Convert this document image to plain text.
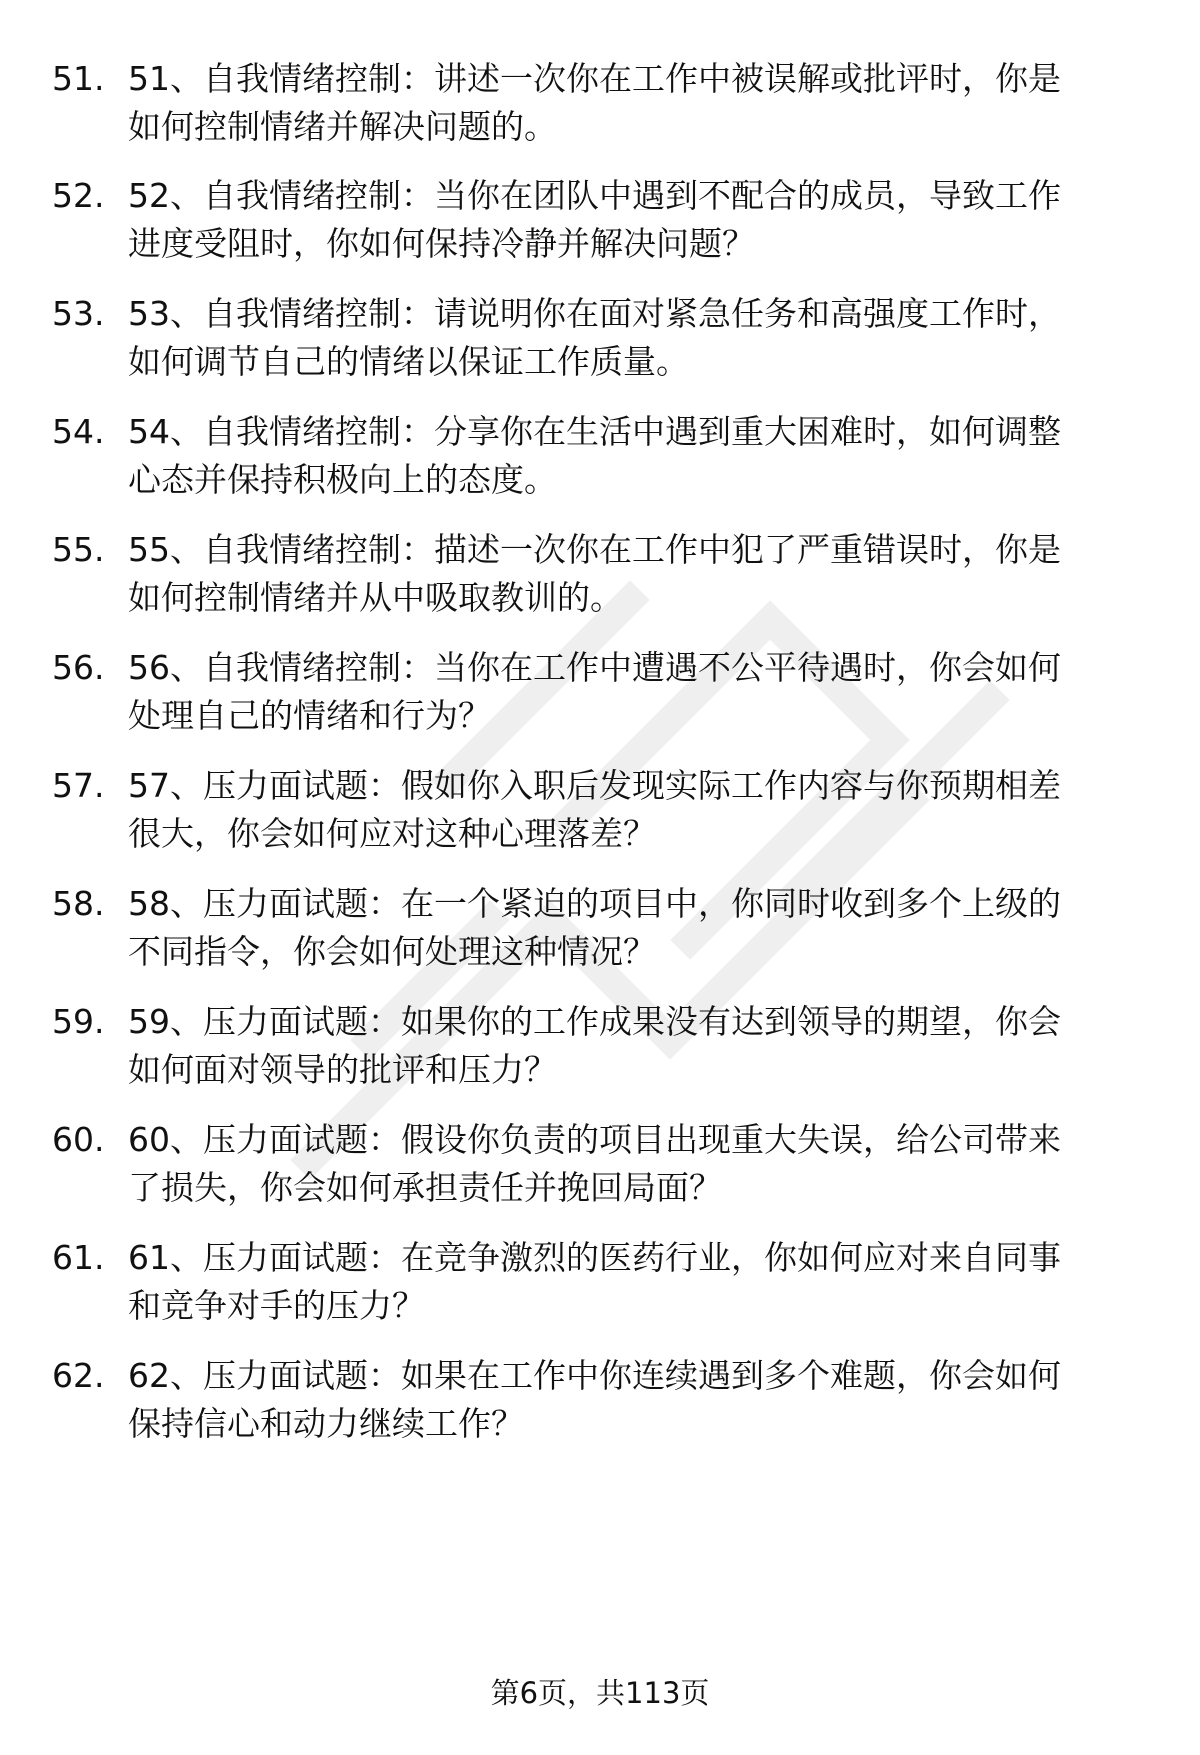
51. 51、自我情绪控制：讲述一次你在工作中被误解或批评时，你是
如何控制情绪并解决问题的。
52. 52、自我情绪控制：当你在团队中遇到不配合的成员，导致工作
进度受阻时，你如何保持冷静并解决问题？
53. 53、自我情绪控制：请说明你在面对紧急任务和高强度工作时，
如何调节自己的情绪以保证工作质量。
54. 54、自我情绪控制：分享你在生活中遇到重大困难时，如何调整
心态并保持积极向上的态度。
55. 55、自我情绪控制：描述一次你在工作中犯了严重错误时，你是
如何控制情绪并从中吸取教训的。
56. 56、自我情绪控制：当你在工作中遭遇不公平待遇时，你会如何
处理自己的情绪和行为？
57. 57、压力面试题：假如你入职后发现实际工作内容与你预期相差
很大，你会如何应对这种心理落差？
58. 58、压力面试题：在一个紧迫的项目中，你同时收到多个上级的
不同指令，你会如何处理这种情况？
59. 59、压力面试题：如果你的工作成果没有达到领导的期望，你会
如何面对领导的批评和压力？
60. 60、压力面试题：假设你负责的项目出现重大失误，给公司带来
了损失，你会如何承担责任并挽回局面？
61. 61、压力面试题：在竞争激烈的医药行业，你如何应对来自同事
和竞争对手的压力？
62. 62、压力面试题：如果在工作中你连续遇到多个难题，你会如何
保持信心和动力继续工作？
第6页，共113页
